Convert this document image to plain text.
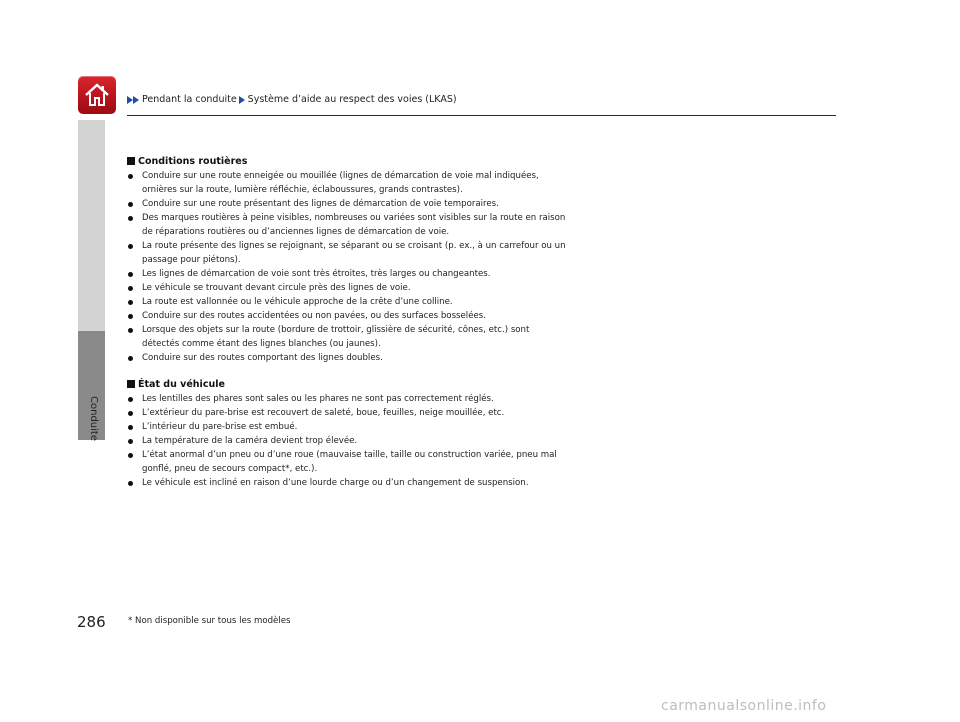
Pendant la conduite Système d’aide au respect des voies (LKAS)
Conduite
Conditions routières
Conduire sur une route enneigée ou mouillée (lignes de démarcation de voie mal indiquées, ornières sur la route, lumière réfléchie, éclaboussures, grands contrastes).
Conduire sur une route présentant des lignes de démarcation de voie temporaires.
Des marques routières à peine visibles, nombreuses ou variées sont visibles sur la route en raison de réparations routières ou d’anciennes lignes de démarcation de voie.
La route présente des lignes se rejoignant, se séparant ou se croisant (p. ex., à un carrefour ou un passage pour piétons).
Les lignes de démarcation de voie sont très étroites, très larges ou changeantes.
Le véhicule se trouvant devant circule près des lignes de voie.
La route est vallonnée ou le véhicule approche de la crête d’une colline.
Conduire sur des routes accidentées ou non pavées, ou des surfaces bosselées.
Lorsque des objets sur la route (bordure de trottoir, glissière de sécurité, cônes, etc.) sont détectés comme étant des lignes blanches (ou jaunes).
Conduire sur des routes comportant des lignes doubles.
État du véhicule
Les lentilles des phares sont sales ou les phares ne sont pas correctement réglés.
L’extérieur du pare-brise est recouvert de saleté, boue, feuilles, neige mouillée, etc.
L’intérieur du pare-brise est embué.
La température de la caméra devient trop élevée.
L’état anormal d’un pneu ou d’une roue (mauvaise taille, taille ou construction variée, pneu mal gonflé, pneu de secours compact*, etc.).
Le véhicule est incliné en raison d’une lourde charge ou d’un changement de suspension.
286	* Non disponible sur tous les modèles
carmanualsonline.info
